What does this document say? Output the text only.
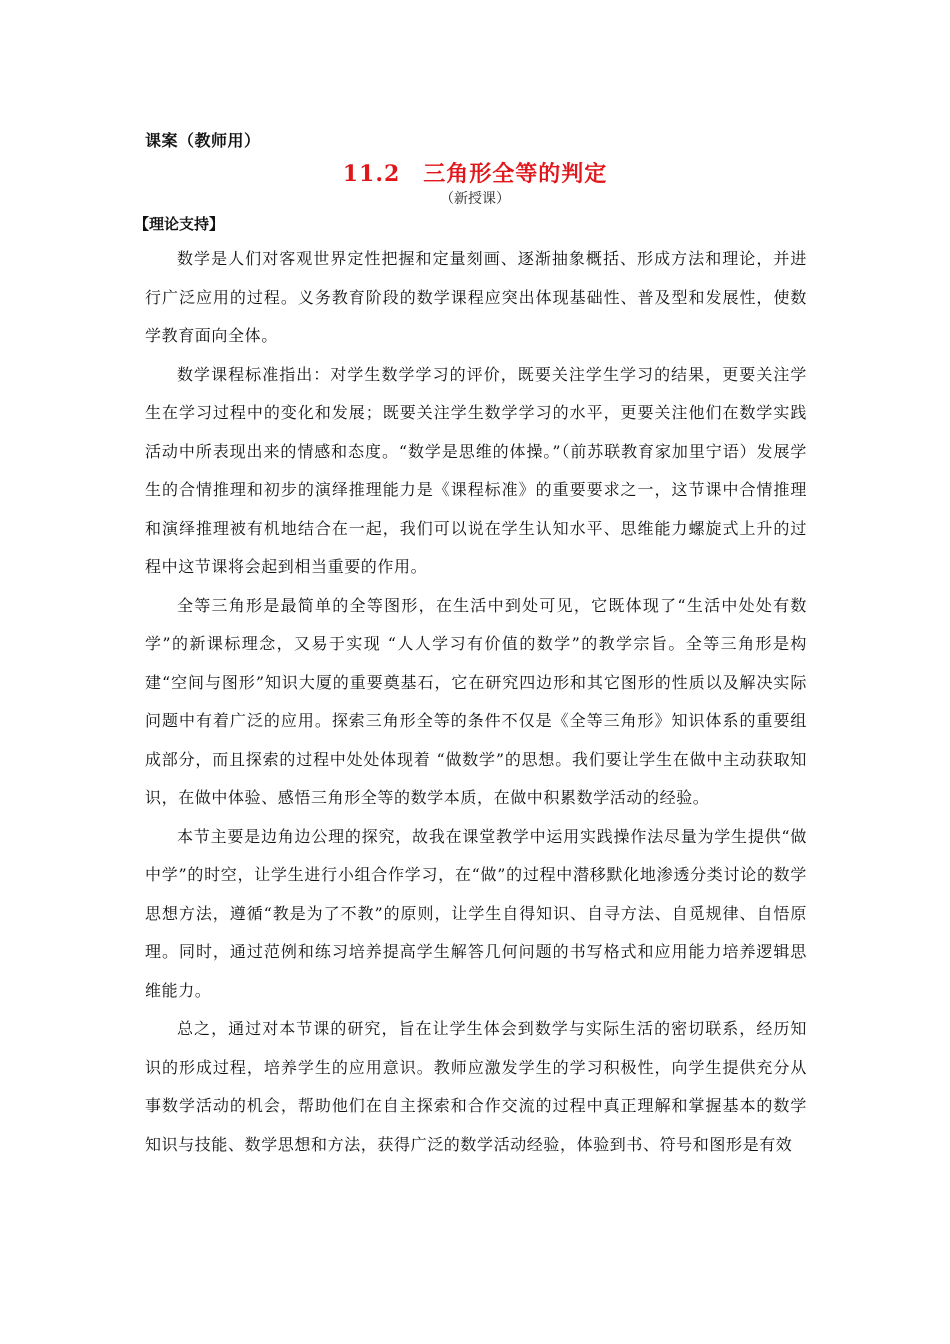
课案（教师用）
11.2　三角形全等的判定
（新授课）
【理论支持】

数学是人们对客观世界定性把握和定量刻画、逐渐抽象概括、形成方法和理论，并进行广泛应用的过程。义务教育阶段的数学课程应突出体现基础性、普及型和发展性，使数学教育面向全体。

数学课程标准指出：对学生数学学习的评价，既要关注学生学习的结果，更要关注学生在学习过程中的变化和发展；既要关注学生数学学习的水平，更要关注他们在数学实践活动中所表现出来的情感和态度。“数学是思维的体操。”（前苏联教育家加里宁语）发展学生的合情推理和初步的演绎推理能力是《课程标准》的重要要求之一，这节课中合情推理和演绎推理被有机地结合在一起，我们可以说在学生认知水平、思维能力螺旋式上升的过程中这节课将会起到相当重要的作用。

全等三角形是最简单的全等图形，在生活中到处可见，它既体现了“生活中处处有数学”的新课标理念，又易于实现 “人人学习有价值的数学”的教学宗旨。全等三角形是构建“空间与图形”知识大厦的重要奠基石，它在研究四边形和其它图形的性质以及解决实际问题中有着广泛的应用。探索三角形全等的条件不仅是《全等三角形》知识体系的重要组成部分，而且探索的过程中处处体现着 “做数学”的思想。我们要让学生在做中主动获取知识，在做中体验、感悟三角形全等的数学本质，在做中积累数学活动的经验。

本节主要是边角边公理的探究，故我在课堂教学中运用实践操作法尽量为学生提供“做中学”的时空，让学生进行小组合作学习，在“做”的过程中潜移默化地渗透分类讨论的数学思想方法，遵循“教是为了不教”的原则，让学生自得知识、自寻方法、自觅规律、自悟原理。同时，通过范例和练习培养提高学生解答几何问题的书写格式和应用能力培养逻辑思维能力。

总之，通过对本节课的研究，旨在让学生体会到数学与实际生活的密切联系，经历知识的形成过程，培养学生的应用意识。教师应激发学生的学习积极性，向学生提供充分从事数学活动的机会，帮助他们在自主探索和合作交流的过程中真正理解和掌握基本的数学知识与技能、数学思想和方法，获得广泛的数学活动经验，体验到书、符号和图形是有效
